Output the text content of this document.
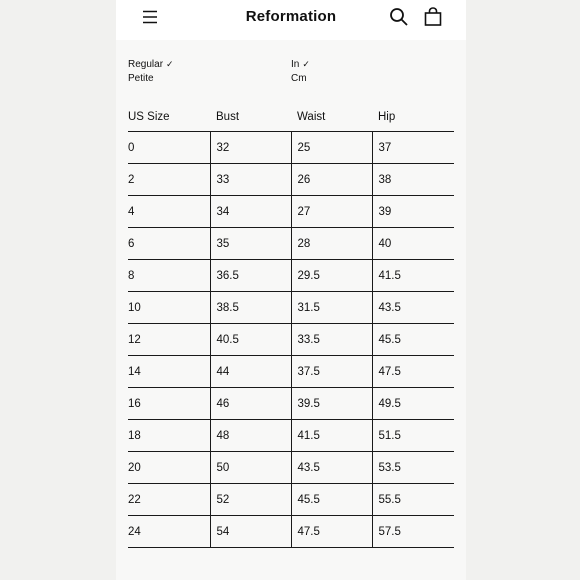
Reformation
Regular ✓
Petite
In ✓
Cm
US Size	Bust	Waist	Hip
0	32	25	37
2	33	26	38
4	34	27	39
6	35	28	40
8	36.5	29.5	41.5
10	38.5	31.5	43.5
12	40.5	33.5	45.5
14	44	37.5	47.5
16	46	39.5	49.5
18	48	41.5	51.5
20	50	43.5	53.5
22	52	45.5	55.5
24	54	47.5	57.5
